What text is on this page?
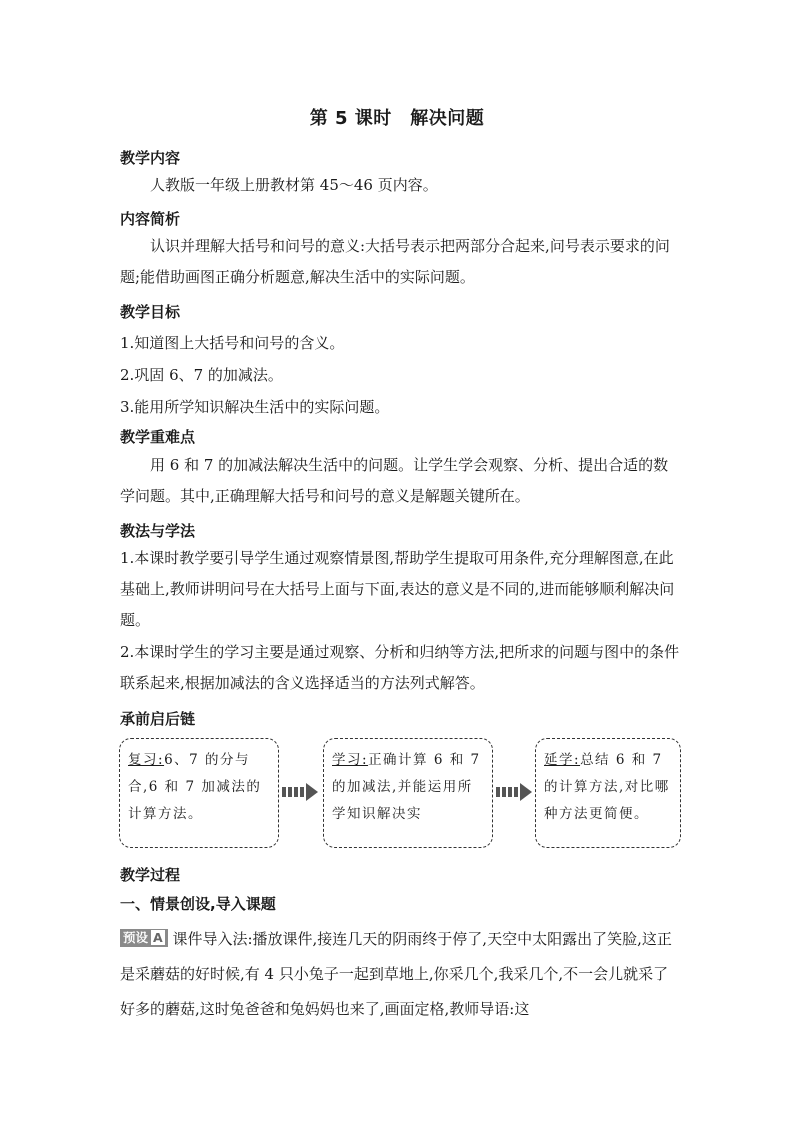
第 5 课时　解决问题
教学内容
人教版一年级上册教材第 45～46 页内容。
内容简析
认识并理解大括号和问号的意义:大括号表示把两部分合起来,问号表示要求的问题;能借助画图正确分析题意,解决生活中的实际问题。
教学目标
1.知道图上大括号和问号的含义。
2.巩固 6、7 的加减法。
3.能用所学知识解决生活中的实际问题。
教学重难点
用 6 和 7 的加减法解决生活中的问题。让学生学会观察、分析、提出合适的数学问题。其中,正确理解大括号和问号的意义是解题关键所在。
教法与学法
1.本课时教学要引导学生通过观察情景图,帮助学生提取可用条件,充分理解图意,在此基础上,教师讲明问号在大括号上面与下面,表达的意义是不同的,进而能够顺利解决问题。
2.本课时学生的学习主要是通过观察、分析和归纳等方法,把所求的问题与图中的条件联系起来,根据加减法的含义选择适当的方法列式解答。
承前启后链
复习:6、7 的分与合,6 和 7 加减法的计算方法。
学习:正确计算 6 和 7 的加减法,并能运用所学知识解决实
延学:总结 6 和 7 的计算方法,对比哪种方法更简便。
教学过程
一、情景创设,导入课题
预设 A 课件导入法:播放课件,接连几天的阴雨终于停了,天空中太阳露出了笑脸,这正是采蘑菇的好时候,有 4 只小兔子一起到草地上,你采几个,我采几个,不一会儿就采了好多的蘑菇,这时兔爸爸和兔妈妈也来了,画面定格,教师导语:这
